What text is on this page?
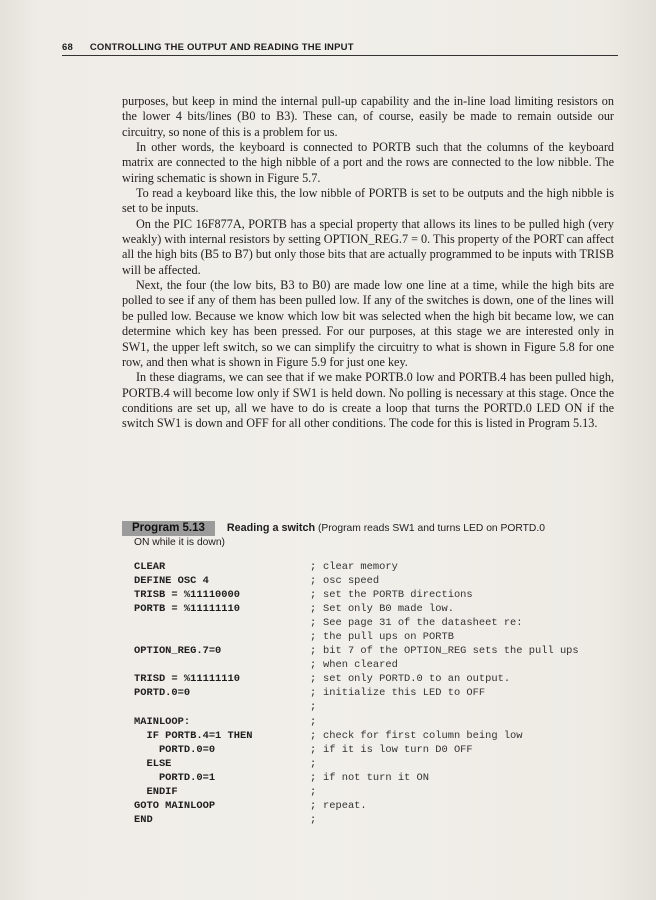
68 CONTROLLING THE OUTPUT AND READING THE INPUT

purposes, but keep in mind the internal pull-up capability and the in-line load limiting resistors on the lower 4 bits/lines (B0 to B3). These can, of course, easily be made to remain outside our circuitry, so none of this is a problem for us.

In other words, the keyboard is connected to PORTB such that the columns of the keyboard matrix are connected to the high nibble of a port and the rows are connected to the low nibble. The wiring schematic is shown in Figure 5.7.

To read a keyboard like this, the low nibble of PORTB is set to be outputs and the high nibble is set to be inputs.

On the PIC 16F877A, PORTB has a special property that allows its lines to be pulled high (very weakly) with internal resistors by setting OPTION_REG.7 = 0. This property of the PORT can affect all the high bits (B5 to B7) but only those bits that are actually programmed to be inputs with TRISB will be affected.

Next, the four (the low bits, B3 to B0) are made low one line at a time, while the high bits are polled to see if any of them has been pulled low. If any of the switches is down, one of the lines will be pulled low. Because we know which low bit was selected when the high bit became low, we can determine which key has been pressed. For our purposes, at this stage we are interested only in SW1, the upper left switch, so we can simplify the circuitry to what is shown in Figure 5.8 for one row, and then what is shown in Figure 5.9 for just one key.

In these diagrams, we can see that if we make PORTB.0 low and PORTB.4 has been pulled high, PORTB.4 will become low only if SW1 is held down. No polling is necessary at this stage. Once the conditions are set up, all we have to do is create a loop that turns the PORTD.0 LED ON if the switch SW1 is down and OFF for all other conditions. The code for this is listed in Program 5.13.

Program 5.13 Reading a switch (Program reads SW1 and turns LED on PORTD.0
ON while it is down)
CLEAR	; clear memory
DEFINE OSC 4	; osc speed
TRISB = %11110000	; set the PORTB directions
PORTB = %11111110	; Set only B0 made low.
; See page 31 of the datasheet re:
; the pull ups on PORTB
OPTION_REG.7=0	; bit 7 of the OPTION_REG sets the pull ups
; when cleared
TRISD = %11111110	; set only PORTD.0 to an output.
PORTD.0=0	; initialize this LED to OFF
;
MAINLOOP:	;
IF PORTB.4=1 THEN	; check for first column being low
PORTD.0=0	; if it is low turn D0 OFF
ELSE	;
PORTD.0=1	; if not turn it ON
ENDIF	;
GOTO MAINLOOP	; repeat.
END	;
